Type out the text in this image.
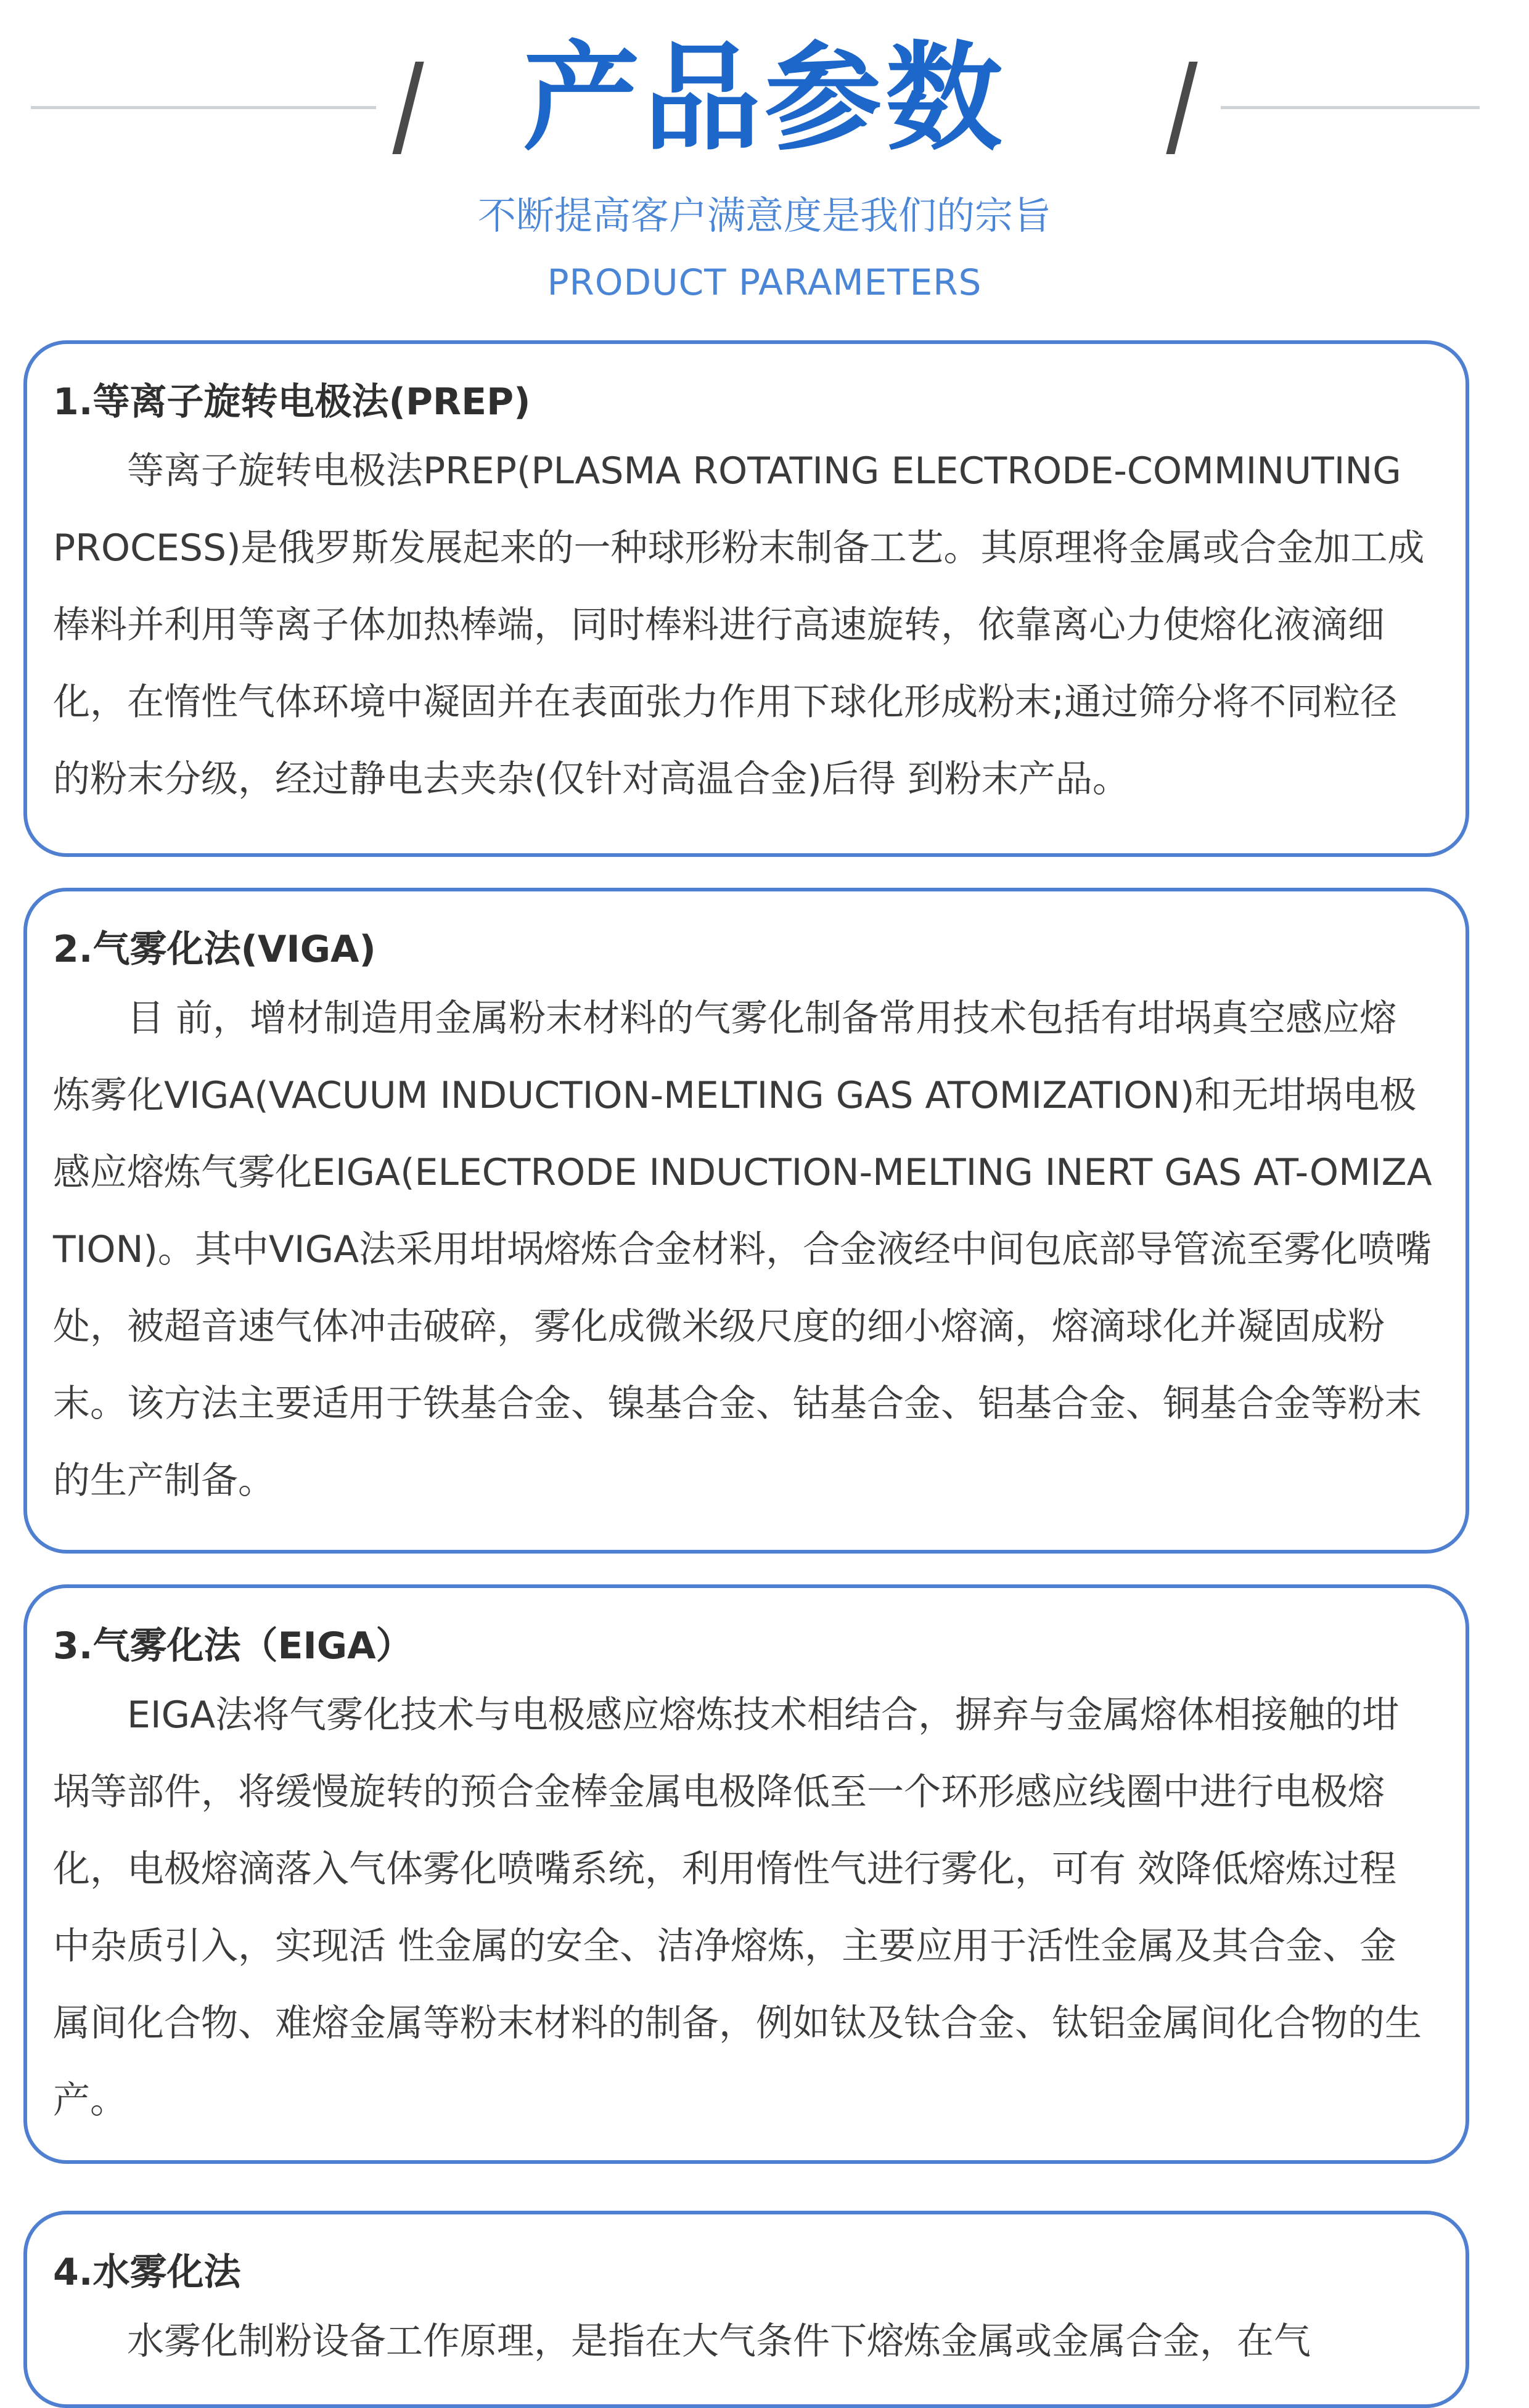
产品参数
不断提高客户满意度是我们的宗旨
PRODUCT PARAMETERS

1.等离子旋转电极法(PREP)

等离子旋转电极法PREP(PLASMA ROTATING ELECTRODE-COMMINUTING PROCESS)是俄罗斯发展起来的一种球形粉末制备工艺。其原理将金属或合金加工成棒料并利用等离子体加热棒端，同时棒料进行高速旋转，依靠离心力使熔化液滴细化，在惰性气体环境中凝固并在表面张力作用下球化形成粉末;通过筛分将不同粒径的粉末分级，经过静电去夹杂(仅针对高温合金)后得 到粉末产品。

2.气雾化法(VIGA)

目 前，增材制造用金属粉末材料的气雾化制备常用技术包括有坩埚真空感应熔炼雾化VIGA(VACUUM INDUCTION-MELTING GAS ATOMIZATION)和无坩埚电极感应熔炼气雾化EIGA(ELECTRODE INDUCTION-MELTING INERT GAS AT-OMIZATION)。其中VIGA法采用坩埚熔炼合金材料，合金液经中间包底部导管流至雾化喷嘴处，被超音速气体冲击破碎，雾化成微米级尺度的细小熔滴，熔滴球化并凝固成粉末。该方法主要适用于铁基合金、镍基合金、钴基合金、铝基合金、铜基合金等粉末的生产制备。

3.气雾化法（EIGA）

EIGA法将气雾化技术与电极感应熔炼技术相结合，摒弃与金属熔体相接触的坩埚等部件，将缓慢旋转的预合金棒金属电极降低至一个环形感应线圈中进行电极熔化，电极熔滴落入气体雾化喷嘴系统，利用惰性气进行雾化，可有 效降低熔炼过程中杂质引入，实现活 性金属的安全、洁净熔炼，主要应用于活性金属及其合金、金属间化合物、难熔金属等粉末材料的制备，例如钛及钛合金、钛铝金属间化合物的生产。

4.水雾化法

水雾化制粉设备工作原理，是指在大气条件下熔炼金属或金属合金，在气
